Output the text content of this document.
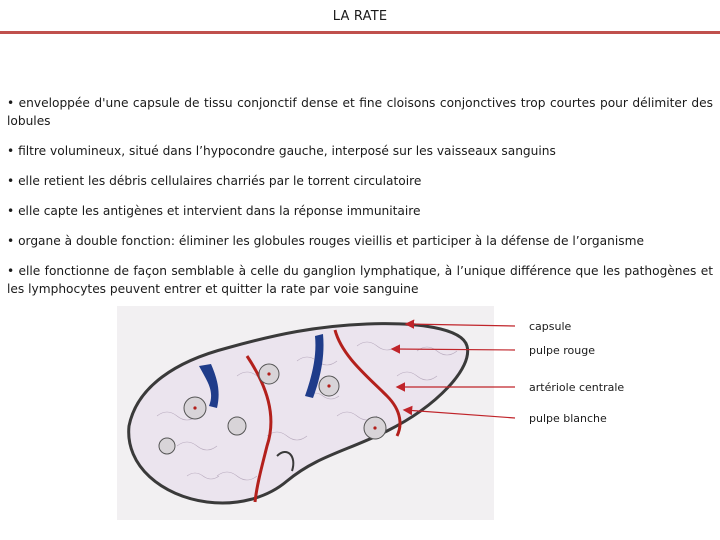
LA RATE

• enveloppée d'une capsule de tissu conjonctif dense et fine cloisons conjonctives trop courtes pour délimiter des lobules

• filtre volumineux, situé dans l’hypocondre gauche, interposé sur les vaisseaux sanguins

• elle retient les débris cellulaires charriés par le torrent circulatoire

• elle capte les antigènes et intervient dans la réponse immunitaire

• organe à double fonction: éliminer les globules rouges vieillis et participer à la défense de l’organisme

• elle fonctionne de façon semblable à celle du ganglion lymphatique, à l’unique différence que les pathogènes et les lymphocytes peuvent entrer et quitter la rate par voie sanguine

capsule
pulpe rouge
artériole centrale
pulpe blanche
